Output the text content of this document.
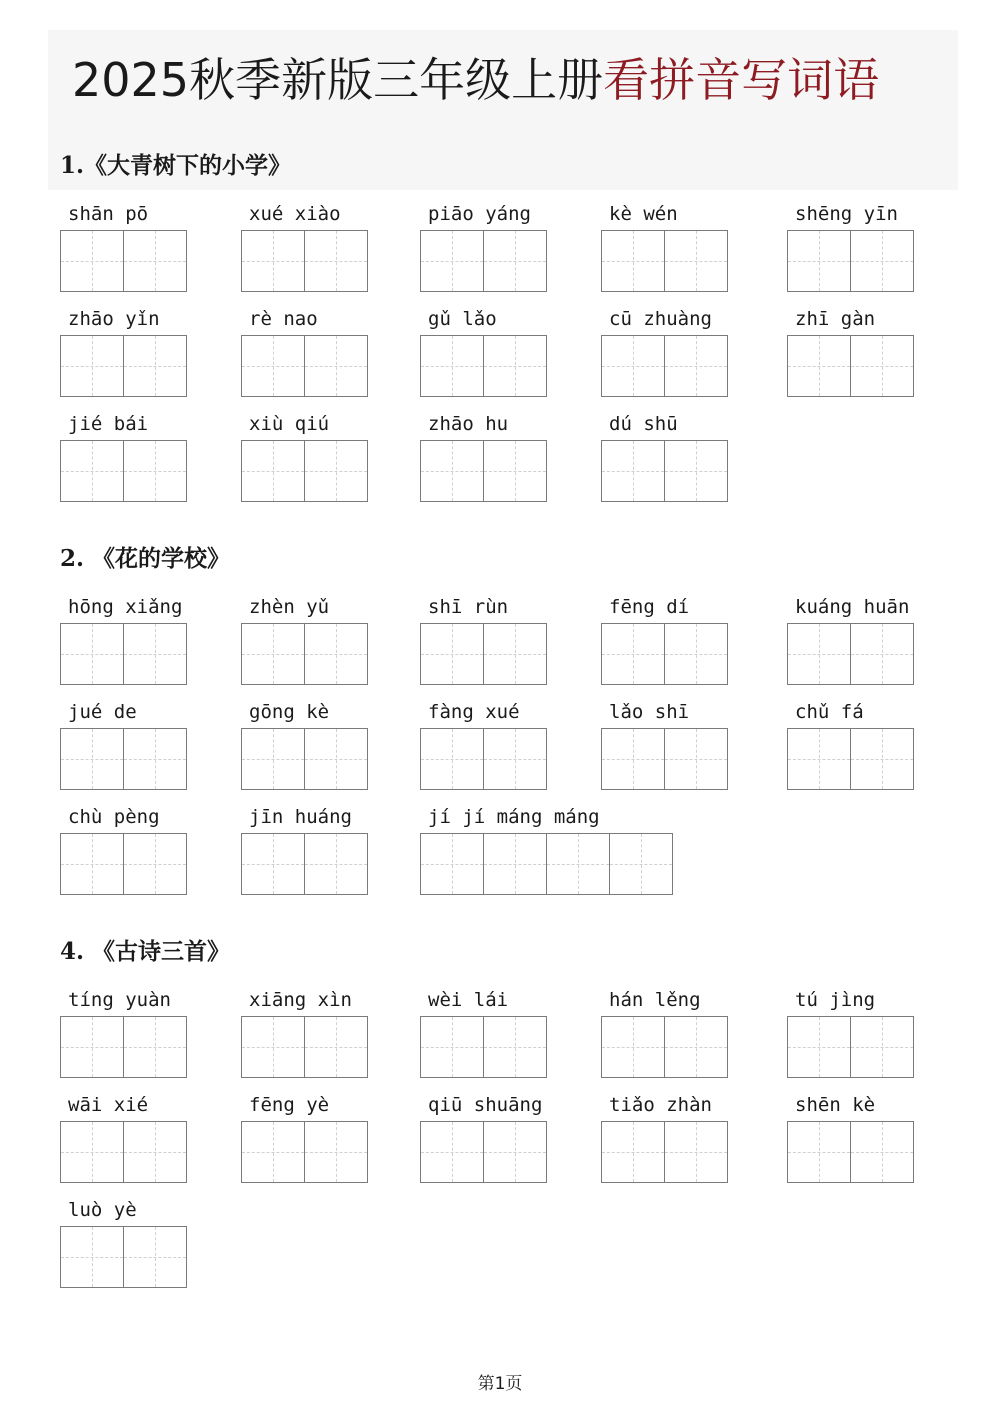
2025秋季新版三年级上册看拼音写词语
1.《大青树下的小学》
shān pō	xué xiào	piāo yáng	kè wén	shēng yīn
zhāo yǐn	rè nao	gǔ lǎo	cū zhuàng	zhī gàn
jié bái	xiù qiú	zhāo hu	dú shū
2. 《花的学校》
hōng xiǎng	zhèn yǔ	shī rùn	fēng dí	kuáng huān
jué de	gōng kè	fàng xué	lǎo shī	chǔ fá
chù pèng	jīn huáng	jí jí máng máng
4. 《古诗三首》
tíng yuàn	xiāng xìn	wèi lái	hán lěng	tú jìng
wāi xié	fēng yè	qiū shuāng	tiǎo zhàn	shēn kè
luò yè
第1页
